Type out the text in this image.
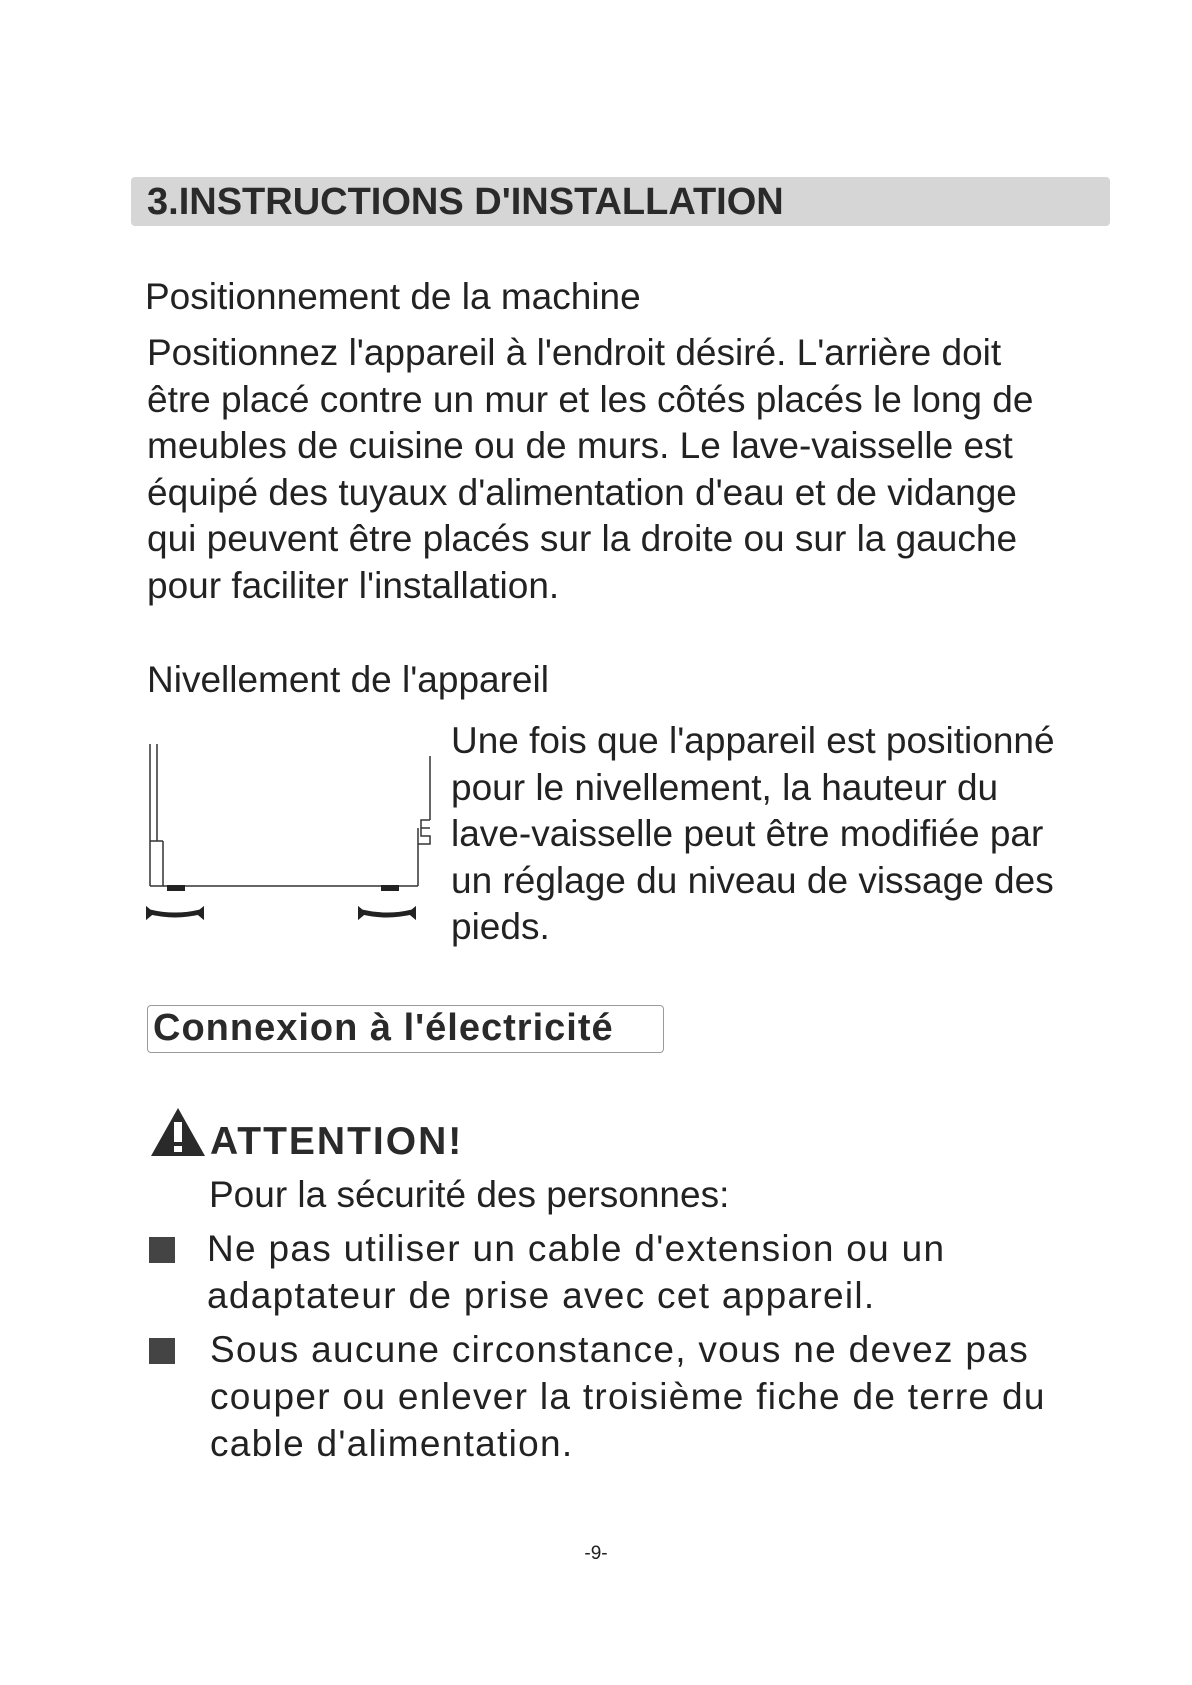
3.INSTRUCTIONS D'INSTALLATION
Positionnement de la machine
Positionnez l'appareil à l'endroit désiré. L'arrière doit
être placé contre un mur et les côtés placés le long de
meubles de cuisine ou de murs. Le lave-vaisselle est
équipé des tuyaux d'alimentation d'eau et de vidange
qui peuvent être placés sur la droite ou sur la gauche
pour faciliter l'installation.
Nivellement de l'appareil
Une fois que l'appareil est positionné
pour le nivellement, la hauteur du
lave-vaisselle peut être modifiée par
un réglage du niveau de vissage des
pieds.
Connexion à l'électricité
ATTENTION!

Pour la sécurité des personnes:

Ne pas utiliser un cable d'extension ou un
adaptateur de prise avec cet appareil.
Sous aucune circonstance, vous ne devez pas
couper ou enlever la troisième fiche de terre du
cable d'alimentation.

-9-
